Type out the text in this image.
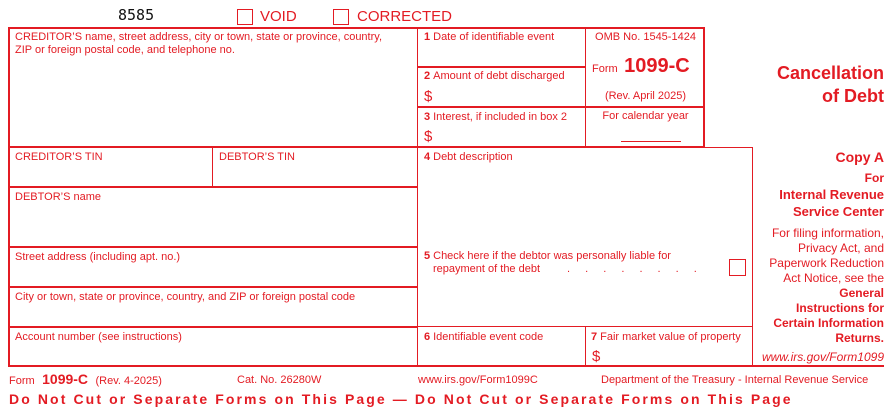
8585	VOID	CORRECTED
CREDITOR’S name, street address, city or town, state or province, country,
ZIP or foreign postal code, and telephone no.
CREDITOR’S TIN	DEBTOR’S TIN
DEBTOR’S name
Street address (including apt. no.)
City or town, state or province, country, and ZIP or foreign postal code
Account number (see instructions)
1 Date of identifiable event
2 Amount of debt discharged
$
3 Interest, if included in box 2
$
OMB No. 1545-1424
Form 1099-C
(Rev. April 2025)
For calendar year
Cancellation
of Debt
4 Debt description
5 Check here if the debtor was personally liable for
repayment of the debt . . . . . . . .
6 Identifiable event code	7 Fair market value of property
$
Copy A
For
Internal Revenue
Service Center
For filing information,
Privacy Act, and
Paperwork Reduction
Act Notice, see the
General
Instructions for
Certain Information
Returns.
www.irs.gov/Form1099
Form 1099-C (Rev. 4-2025)	Cat. No. 26280W	www.irs.gov/Form1099C	Department of the Treasury - Internal Revenue Service
Do Not Cut or Separate Forms on This Page — Do Not Cut or Separate Forms on This Page
